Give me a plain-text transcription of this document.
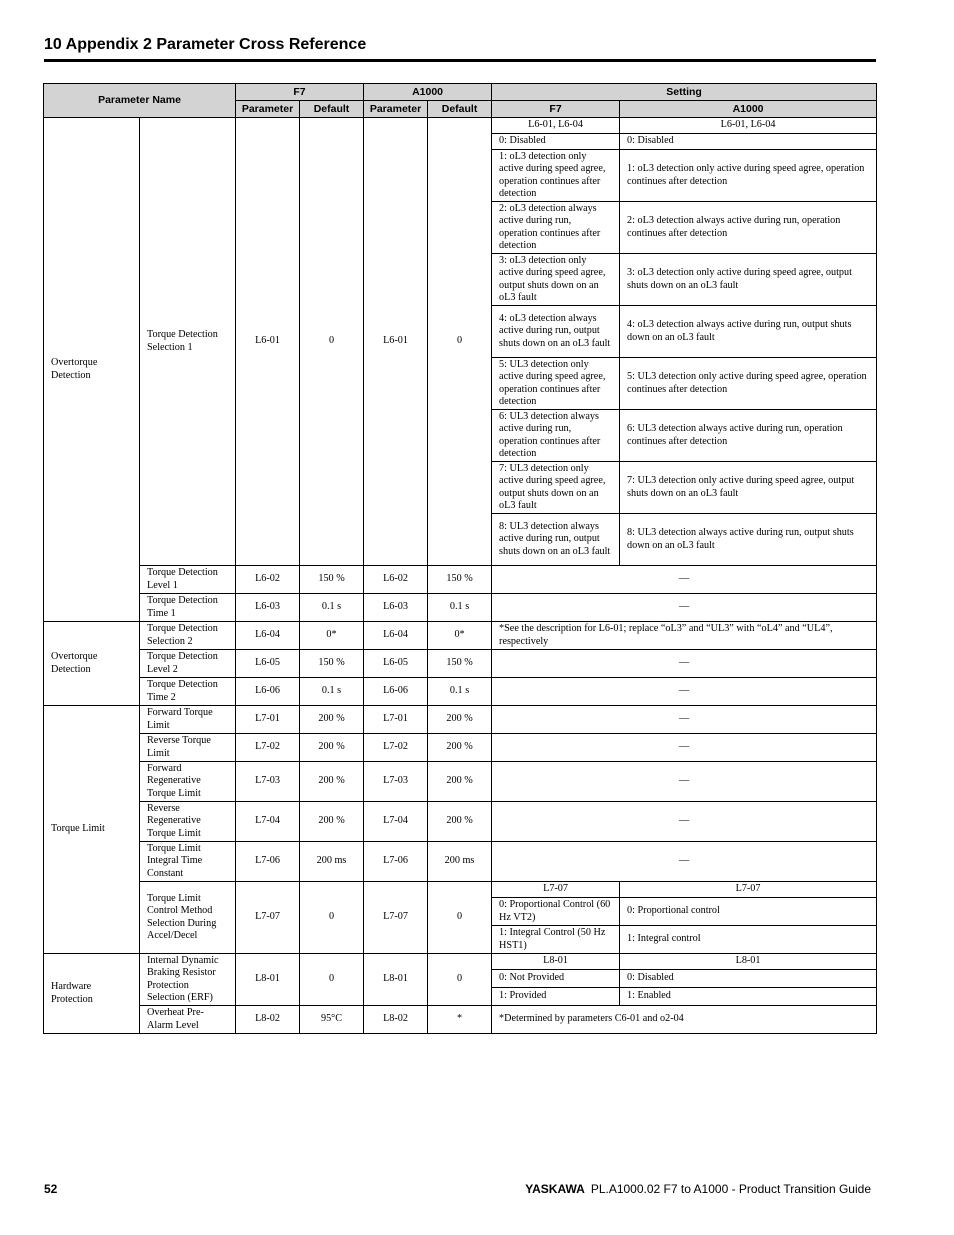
10 Appendix 2 Parameter Cross Reference
Parameter Name		F7		A1000		Setting	
		Parameter	Default	Parameter	Default	F7	A1000
Overtorque Detection	Torque Detection Selection 1	L6-01	0	L6-01	0	L6-01, L6-04	L6-01, L6-04
						0: Disabled	0: Disabled
						1: oL3 detection only active during speed agree, operation continues after detection	1: oL3 detection only active during speed agree, operation continues after detection
						2: oL3 detection always active during run, operation continues after detection	2: oL3 detection always active during run, operation continues after detection
						3: oL3 detection only active during speed agree, output shuts down on an oL3 fault	3: oL3 detection only active during speed agree, output shuts down on an oL3 fault
						4: oL3 detection always active during run, output shuts down on an oL3 fault	4: oL3 detection always active during run, output shuts down on an oL3 fault
						5: UL3 detection only active during speed agree, operation continues after detection	5: UL3 detection only active during speed agree, operation continues after detection
						6: UL3 detection always active during run, operation continues after detection	6: UL3 detection always active during run, operation continues after detection
						7: UL3 detection only active during speed agree, output shuts down on an oL3 fault	7: UL3 detection only active during speed agree, output shuts down on an oL3 fault
						8: UL3 detection always active during run, output shuts down on an oL3 fault	8: UL3 detection always active during run, output shuts down on an oL3 fault
	Torque Detection Level 1	L6-02	150 %	L6-02	150 %	—	
	Torque Detection Time 1	L6-03	0.1 s	L6-03	0.1 s	—	
Overtorque Detection	Torque Detection Selection 2	L6-04	0*	L6-04	0*	*See the description for L6-01; replace “oL3” and “UL3” with “oL4” and “UL4”, respectively	
	Torque Detection Level 2	L6-05	150 %	L6-05	150 %	—	
	Torque Detection Time 2	L6-06	0.1 s	L6-06	0.1 s	—	
Torque Limit	Forward Torque Limit	L7-01	200 %	L7-01	200 %	—	
	Reverse Torque Limit	L7-02	200 %	L7-02	200 %	—	
	Forward Regenerative Torque Limit	L7-03	200 %	L7-03	200 %	—	
	Reverse Regenerative Torque Limit	L7-04	200 %	L7-04	200 %	—	
	Torque Limit Integral Time Constant	L7-06	200 ms	L7-06	200 ms	—	
	Torque Limit Control Method Selection During Accel/Decel	L7-07	0	L7-07	0	L7-07	L7-07
						0: Proportional Control (60 Hz VT2)	0: Proportional control
						1: Integral Control (50 Hz HST1)	1: Integral control
Hardware Protection	Internal Dynamic Braking Resistor Protection Selection (ERF)	L8-01	0	L8-01	0	L8-01	L8-01
						0: Not Provided	0: Disabled
						1: Provided	1: Enabled
	Overheat Pre-Alarm Level	L8-02	95°C	L8-02	*	*Determined by parameters C6-01 and o2-04	
52	YASKAWA PL.A1000.02 F7 to A1000 - Product Transition Guide
